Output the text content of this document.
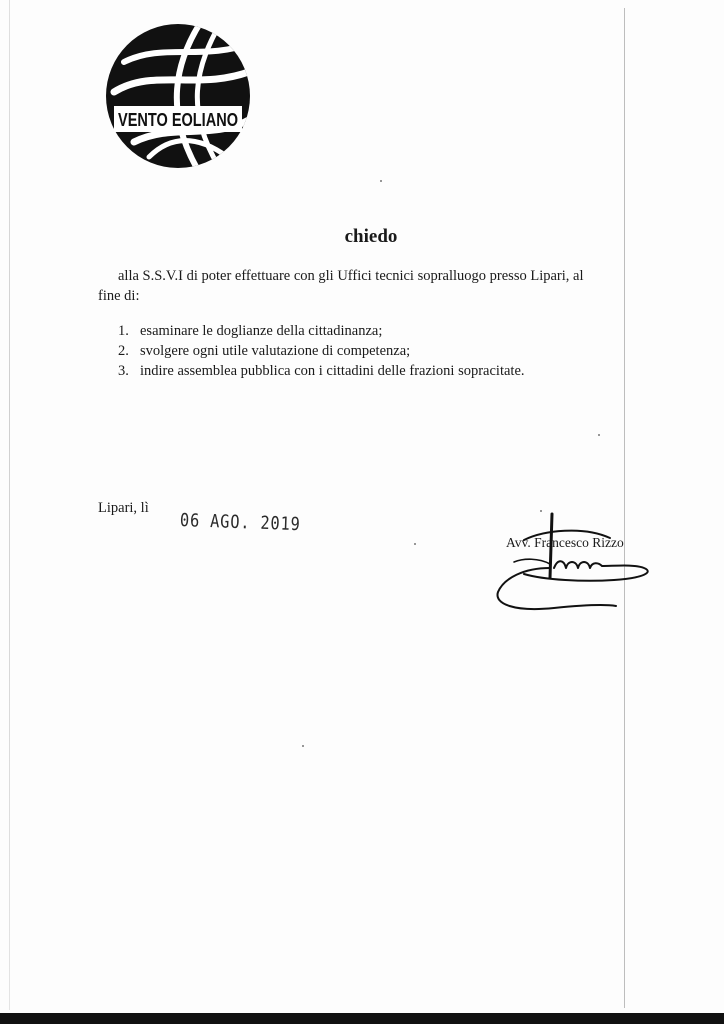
VENTO EOLIANO
chiedo
alla S.S.V.I di poter effettuare con gli Uffici tecnici sopralluogo presso Lipari, al
fine di:
1. esaminare le doglianze della cittadinanza;
2. svolgere ogni utile valutazione di competenza;
3. indire assemblea pubblica con i cittadini delle frazioni sopracitate.
Lipari, lì
06 AGO. 2019
Avv. Francesco Rizzo
